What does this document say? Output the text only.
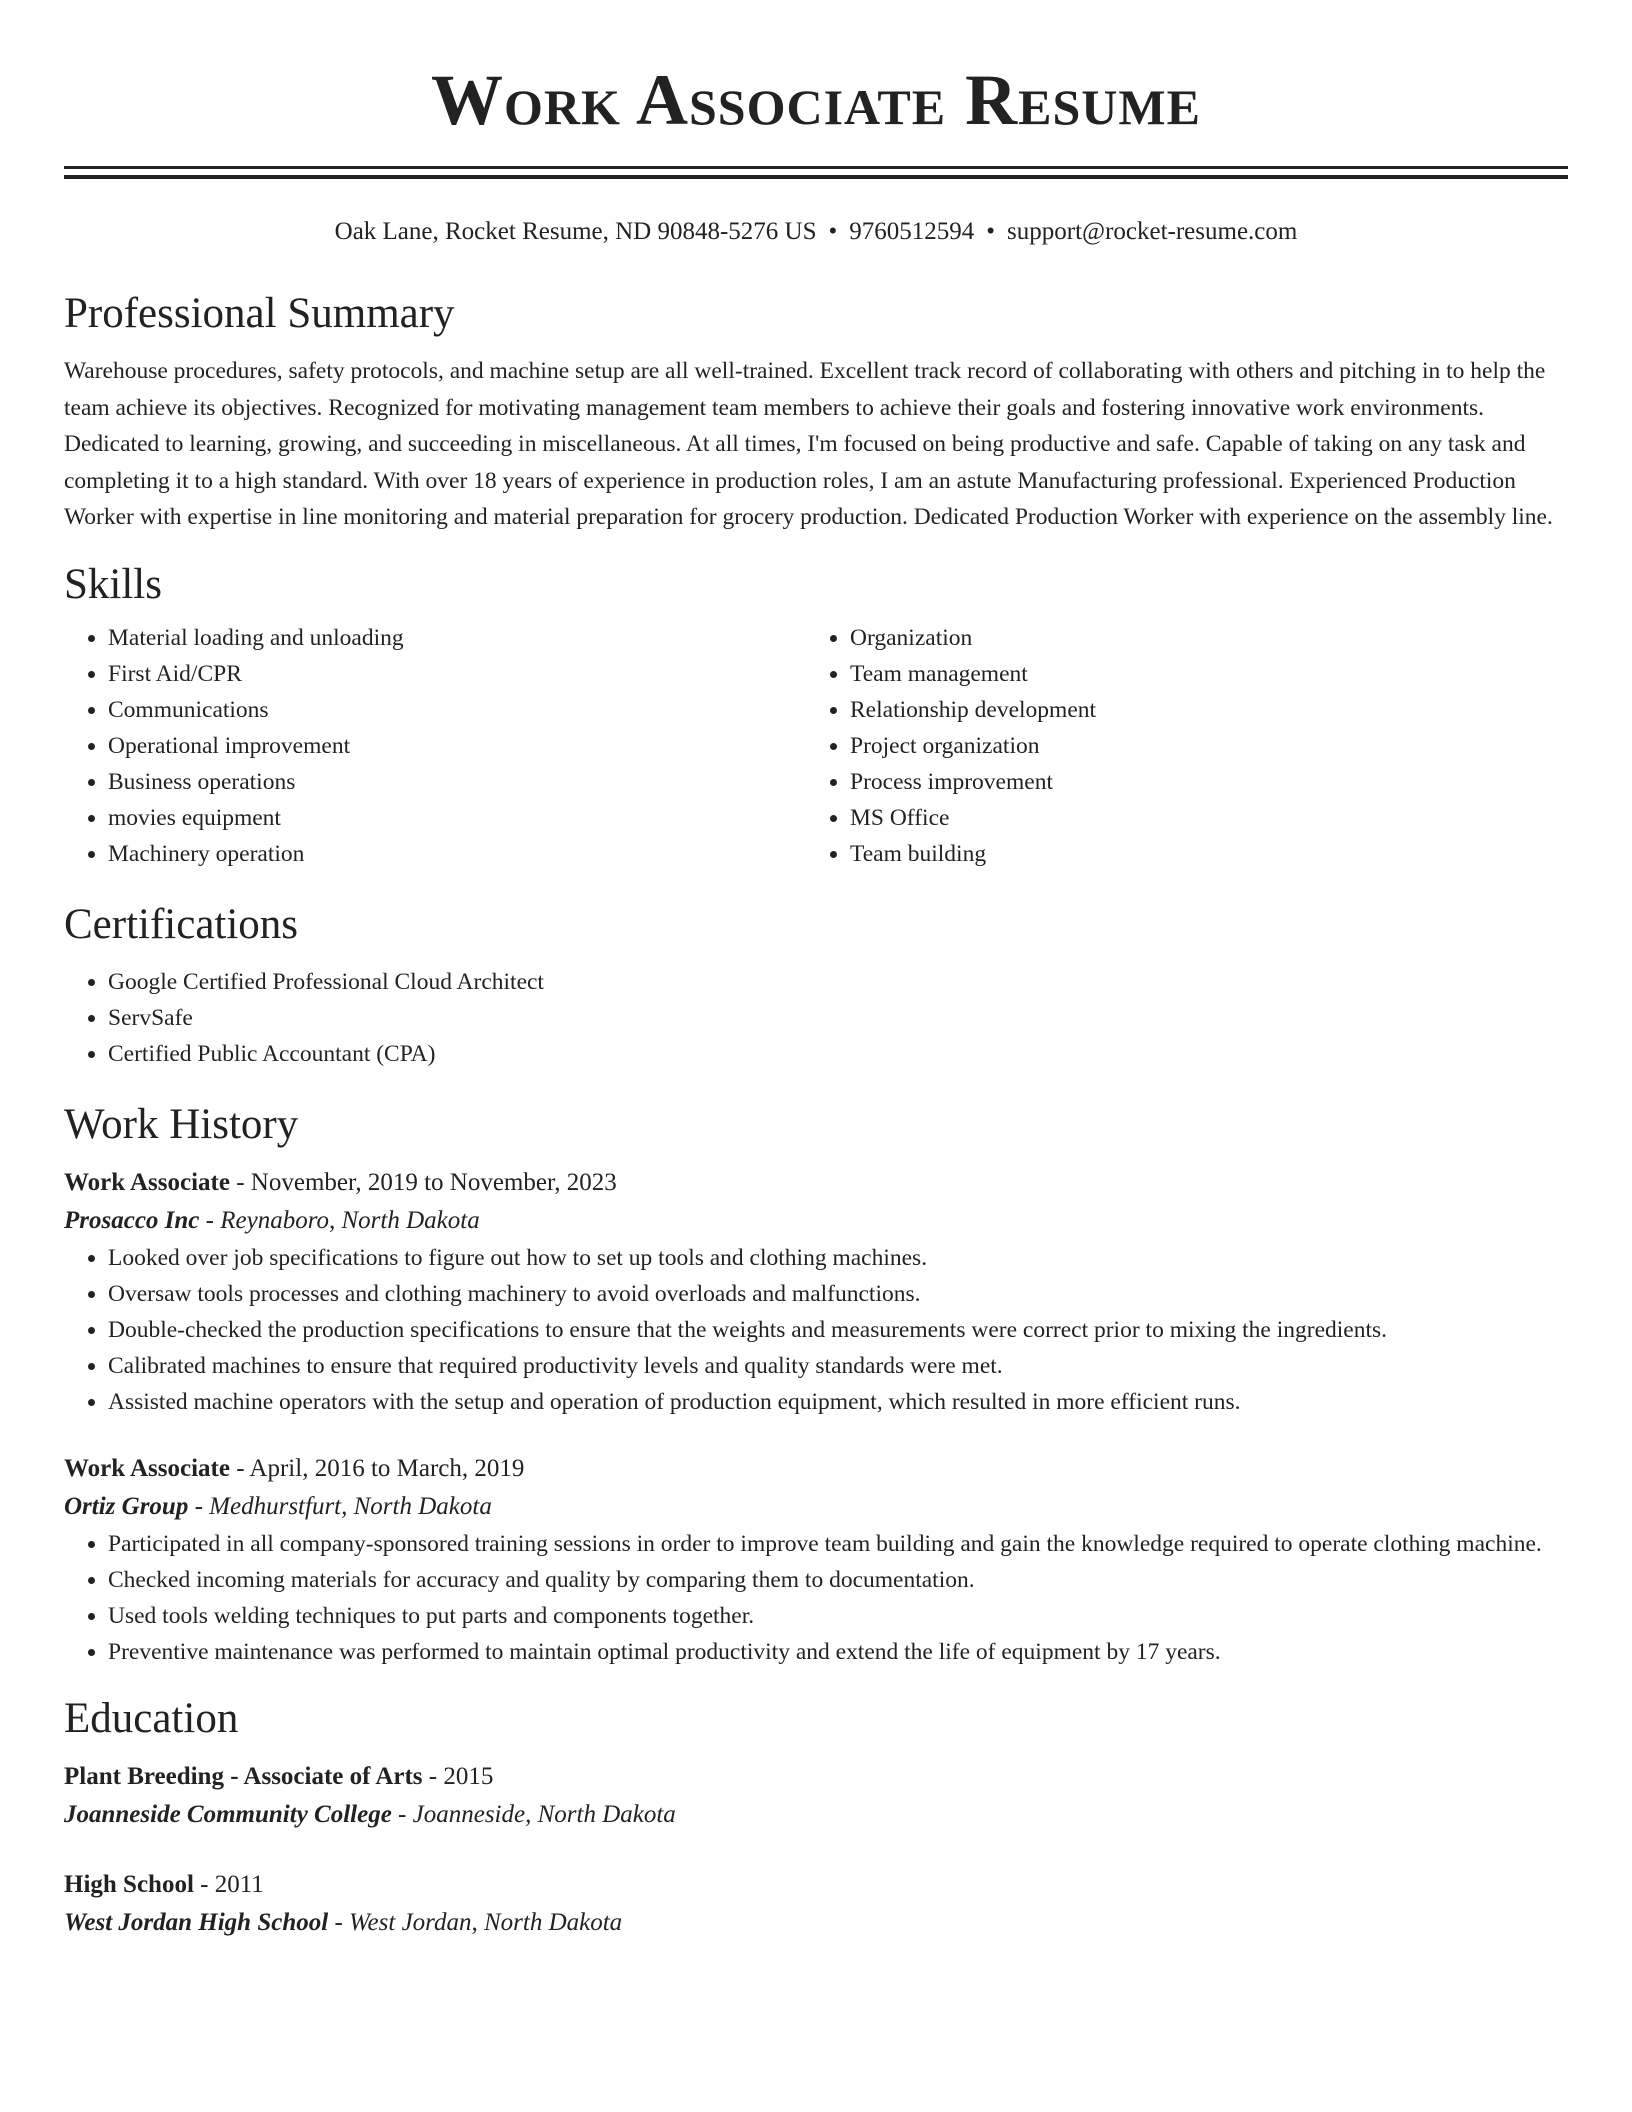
Work Associate Resume
Oak Lane, Rocket Resume, ND 90848-5276 US • 9760512594 • support@rocket-resume.com
Professional Summary

Warehouse procedures, safety protocols, and machine setup are all well-trained. Excellent track record of collaborating with others and pitching in to help the team achieve its objectives. Recognized for motivating management team members to achieve their goals and fostering innovative work environments. Dedicated to learning, growing, and succeeding in miscellaneous. At all times, I'm focused on being productive and safe. Capable of taking on any task and completing it to a high standard. With over 18 years of experience in production roles, I am an astute Manufacturing professional. Experienced Production Worker with expertise in line monitoring and material preparation for grocery production. Dedicated Production Worker with experience on the assembly line.

Skills
• Material loading and unloading
• First Aid/CPR
• Communications
• Operational improvement
• Business operations
• movies equipment
• Machinery operation
• Organization
• Team management
• Relationship development
• Project organization
• Process improvement
• MS Office
• Team building
Certifications
• Google Certified Professional Cloud Architect
• ServSafe
• Certified Public Accountant (CPA)
Work History
Work Associate - November, 2019 to November, 2023
Prosacco Inc - Reynaboro, North Dakota
• Looked over job specifications to figure out how to set up tools and clothing machines.
• Oversaw tools processes and clothing machinery to avoid overloads and malfunctions.
• Double-checked the production specifications to ensure that the weights and measurements were correct prior to mixing the ingredients.
• Calibrated machines to ensure that required productivity levels and quality standards were met.
• Assisted machine operators with the setup and operation of production equipment, which resulted in more efficient runs.
Work Associate - April, 2016 to March, 2019
Ortiz Group - Medhurstfurt, North Dakota
• Participated in all company-sponsored training sessions in order to improve team building and gain the knowledge required to operate clothing machine.
• Checked incoming materials for accuracy and quality by comparing them to documentation.
• Used tools welding techniques to put parts and components together.
• Preventive maintenance was performed to maintain optimal productivity and extend the life of equipment by 17 years.
Education
Plant Breeding - Associate of Arts - 2015
Joanneside Community College - Joanneside, North Dakota
High School - 2011
West Jordan High School - West Jordan, North Dakota
